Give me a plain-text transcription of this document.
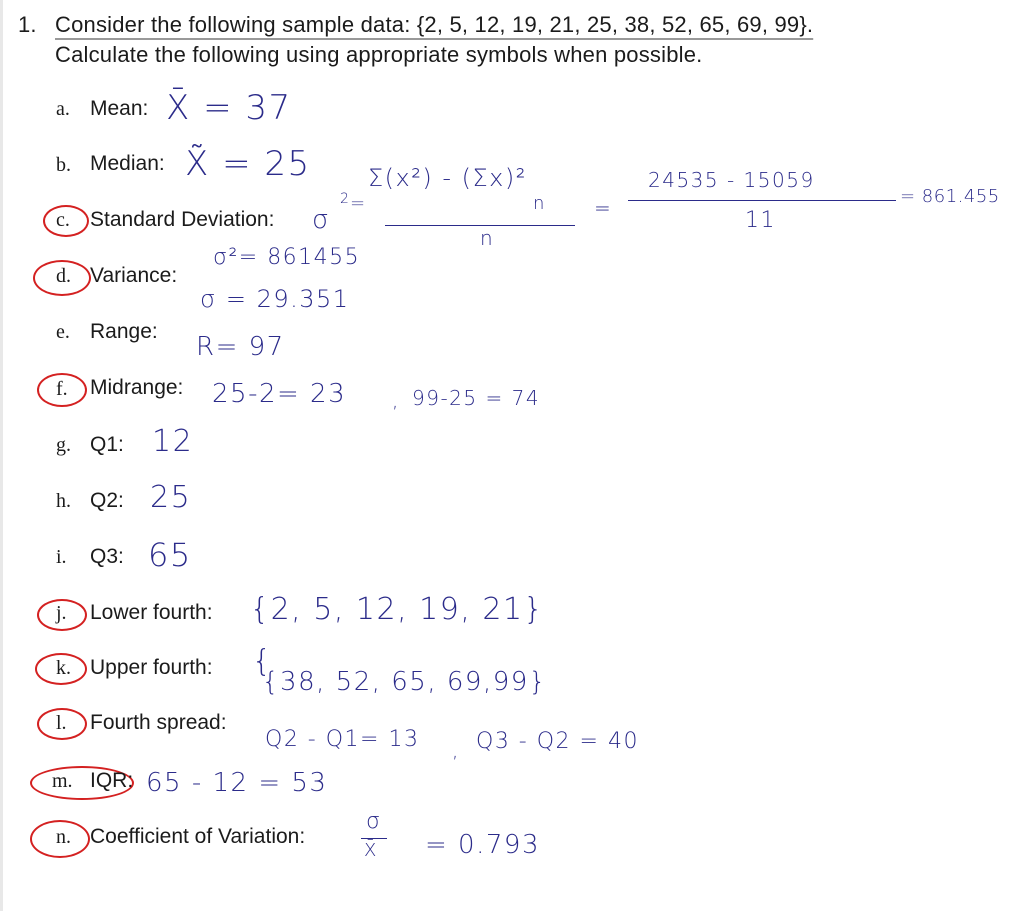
1. Consider the following sample data: {2, 5, 12, 19, 21, 25, 38, 52, 65, 69, 99}.
Calculate the following using appropriate symbols when possible.
a. Mean: X̄ = 37
b. Median: X̃ = 25
c. Standard Deviation: σ
2 =
Σ(x²) - (Σx)²
n
n
=
24535 - 15059
11
= 861.455
d. Variance:
σ²= 861455
σ = 29.351
e. Range:
R= 97
f. Midrange: 25-2= 23 , 99-25 = 74
g. Q1: 12
h. Q2: 25
i. Q3: 65
j. Lower fourth: {2, 5, 12, 19, 21}
k. Upper fourth: {
{38, 52, 65, 69,99}
l. Fourth spread:
Q2 - Q1= 13 , Q3 - Q2 = 40
m. IQR: 65 - 12 = 53
n. Coefficient of Variation:
σ
X̄ = 0.793
